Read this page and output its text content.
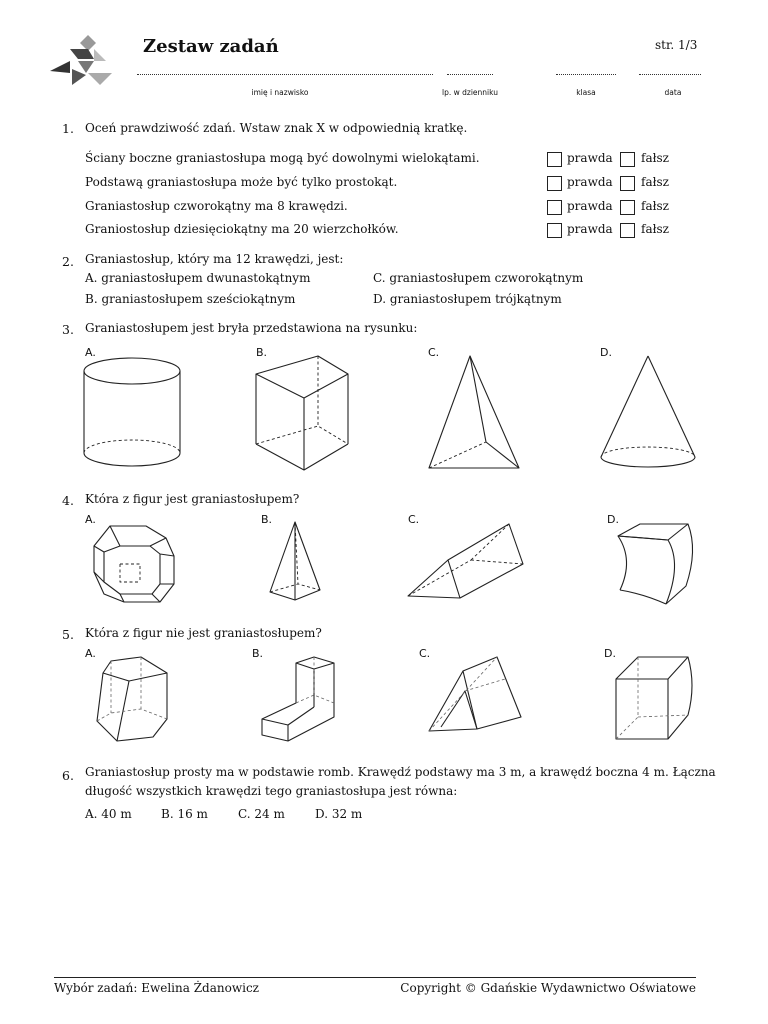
Zestaw zadań	str. 1/3
imię i nazwisko	lp. w dzienniku	klasa	data
1. Oceń prawdziwość zdań. Wstaw znak X w odpowiednią kratkę.
Ściany boczne graniastosłupa mogą być dowolnymi wielokątami.	prawda fałsz
Podstawą graniastosłupa może być tylko prostokąt.	prawda fałsz
Graniastosłup czworokątny ma 8 krawędzi.	prawda fałsz
Graniostosłup dziesięciokątny ma 20 wierzchołków.	prawda fałsz
2. Graniastosłup, który ma 12 krawędzi, jest:
A. graniastosłupem dwunastokątnym	C. graniastosłupem czworokątnym
B. graniastosłupem sześciokątnym	D. graniastosłupem trójkątnym
3. Graniastosłupem jest bryła przedstawiona na rysunku:
A.	B.	C.	D.
4. Która z figur jest graniastosłupem?
A.	B.	C.	D.
5. Która z figur nie jest graniastosłupem?
A.	B.	C.	D.
6. Graniastosłup prosty ma w podstawie romb. Krawędź podstawy ma 3 m, a krawędź boczna 4 m. Łączna
długość wszystkich krawędzi tego graniastosłupa jest równa:
A. 40 m B. 16 m	C. 24 m	D. 32 m
Wybór zadań: Ewelina Żdanowicz	Copyright © Gdańskie Wydawnictwo Oświatowe
